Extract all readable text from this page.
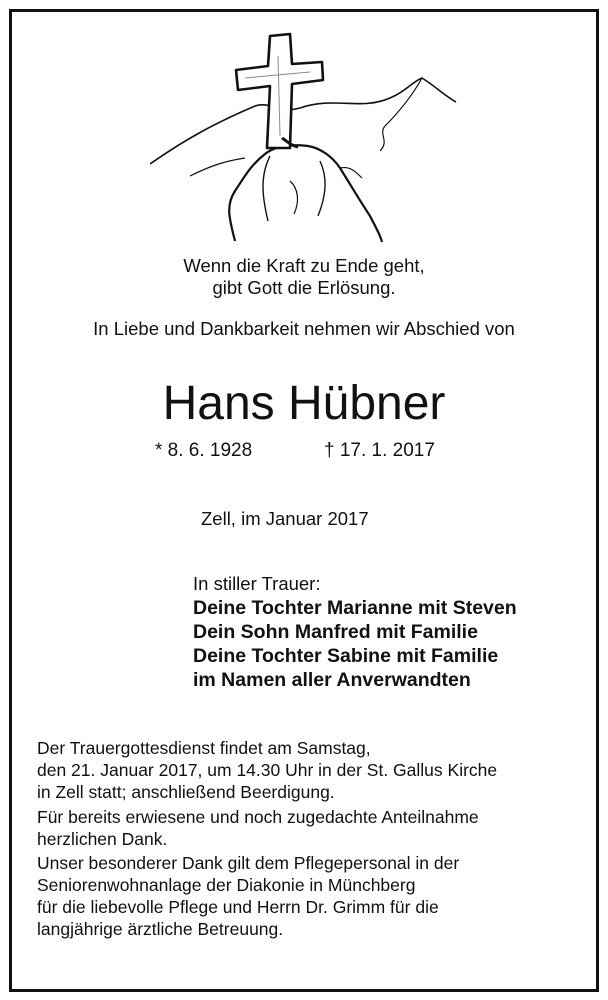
Wenn die Kraft zu Ende geht,
gibt Gott die Erlösung.
In Liebe und Dankbarkeit nehmen wir Abschied von
Hans Hübner
* 8. 6. 1928	† 17. 1. 2017
Zell, im Januar 2017
In stiller Trauer:
Deine Tochter Marianne mit Steven
Dein Sohn Manfred mit Familie
Deine Tochter Sabine mit Familie
im Namen aller Anverwandten
Der Trauergottesdienst findet am Samstag,
den 21. Januar 2017, um 14.30 Uhr in der St. Gallus Kirche
in Zell statt; anschließend Beerdigung.
Für bereits erwiesene und noch zugedachte Anteilnahme
herzlichen Dank.
Unser besonderer Dank gilt dem Pflegepersonal in der
Seniorenwohnanlage der Diakonie in Münchberg
für die liebevolle Pflege und Herrn Dr. Grimm für die
langjährige ärztliche Betreuung.
